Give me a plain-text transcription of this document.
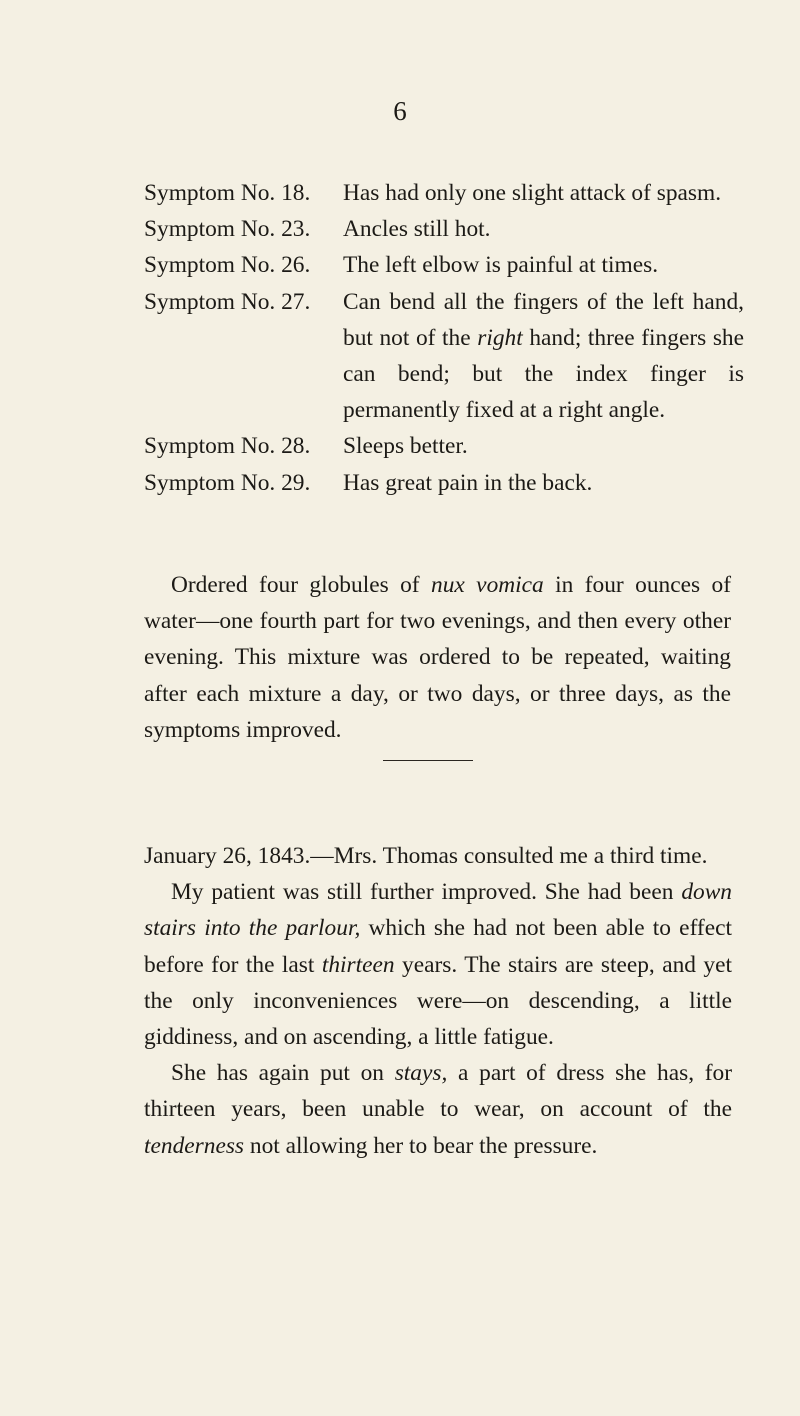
6
Symptom No. 18.	Has had only one slight attack of spasm.
Symptom No. 23.	Ancles still hot.
Symptom No. 26.	The left elbow is painful at times.
Symptom No. 27.	Can bend all the fingers of the left hand, but not of the right hand; three fingers she can bend; but the index finger is permanently fixed at a right angle.
Symptom No. 28.	Sleeps better.
Symptom No. 29.	Has great pain in the back.

Ordered four globules of nux vomica in four ounces of water—one fourth part for two evenings, and then every other evening. This mixture was ordered to be repeated, waiting after each mixture a day, or two days, or three days, as the symptoms improved.

January 26, 1843.—Mrs. Thomas consulted me a third time.

My patient was still further improved. She had been down stairs into the parlour, which she had not been able to effect before for the last thirteen years. The stairs are steep, and yet the only inconveniences were—on descending, a little giddiness, and on ascending, a little fatigue.

She has again put on stays, a part of dress she has, for thirteen years, been unable to wear, on account of the tenderness not allowing her to bear the pressure.
